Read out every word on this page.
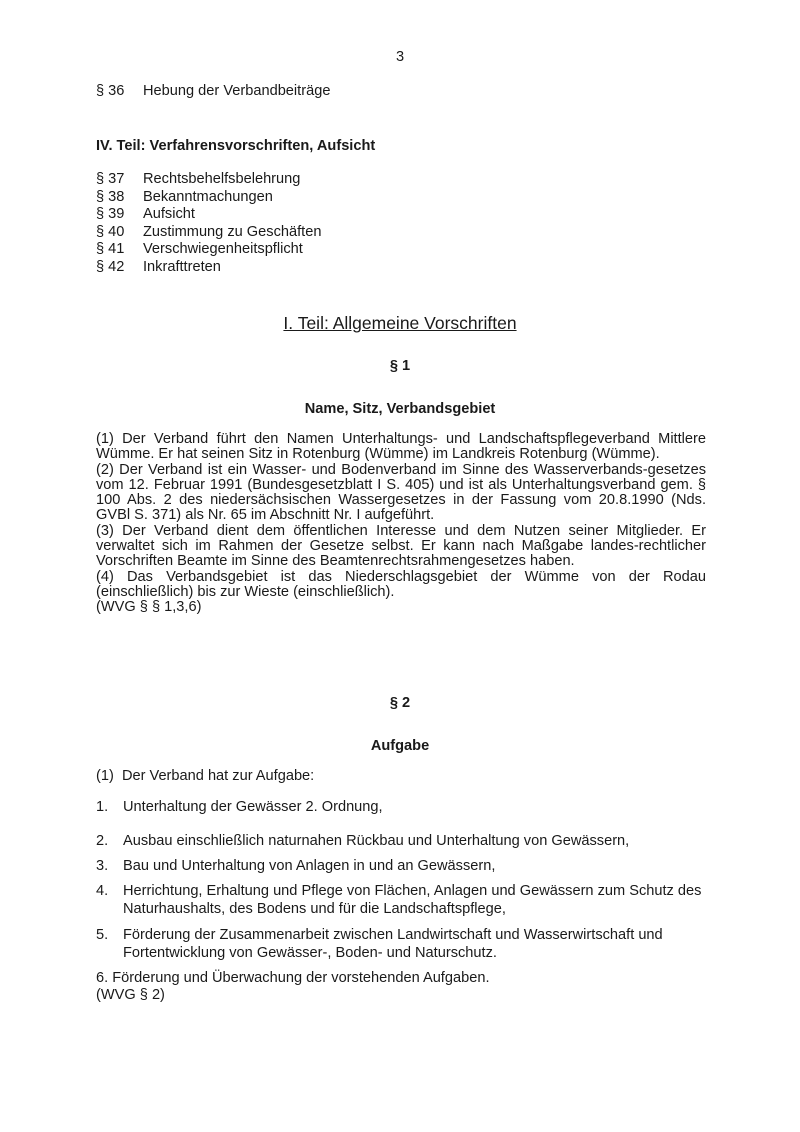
3
§ 36 Hebung der Verbandbeiträge
IV. Teil: Verfahrensvorschriften, Aufsicht
§ 37 Rechtsbehelfsbelehrung
§ 38 Bekanntmachungen
§ 39 Aufsicht
§ 40 Zustimmung zu Geschäften
§ 41 Verschwiegenheitspflicht
§ 42 Inkrafttreten
I. Teil: Allgemeine Vorschriften
§ 1
Name, Sitz, Verbandsgebiet

(1) Der Verband führt den Namen Unterhaltungs- und Landschaftspflegeverband Mittlere Wümme. Er hat seinen Sitz in Rotenburg (Wümme) im Landkreis Rotenburg (Wümme).

(2) Der Verband ist ein Wasser- und Bodenverband im Sinne des Wasserverbands-gesetzes vom 12. Februar 1991 (Bundesgesetzblatt I S. 405) und ist als Unterhaltungsverband gem. § 100 Abs. 2 des niedersächsischen Wassergesetzes in der Fassung vom 20.8.1990 (Nds. GVBl S. 371) als Nr. 65 im Abschnitt Nr. I aufgeführt.

(3) Der Verband dient dem öffentlichen Interesse und dem Nutzen seiner Mitglieder. Er verwaltet sich im Rahmen der Gesetze selbst. Er kann nach Maßgabe landes-rechtlicher Vorschriften Beamte im Sinne des Beamtenrechtsrahmengesetzes haben.

(4) Das Verbandsgebiet ist das Niederschlagsgebiet der Wümme von der Rodau (einschließlich) bis zur Wieste (einschließlich).

(WVG § § 1,3,6)

§ 2
Aufgabe
(1)  Der Verband hat zur Aufgabe:
1. Unterhaltung der Gewässer 2. Ordnung,
2. Ausbau einschließlich naturnahen Rückbau und Unterhaltung von Gewässern,
3. Bau und Unterhaltung von Anlagen in und an Gewässern,
4. Herrichtung, Erhaltung und Pflege von Flächen, Anlagen und Gewässern zum Schutz des Naturhaushalts, des Bodens und für die Landschaftspflege,
5. Förderung der Zusammenarbeit zwischen Landwirtschaft und Wasserwirtschaft und Fortentwicklung von Gewässer-, Boden- und Naturschutz.
6. Förderung und Überwachung der vorstehenden Aufgaben.
(WVG § 2)
